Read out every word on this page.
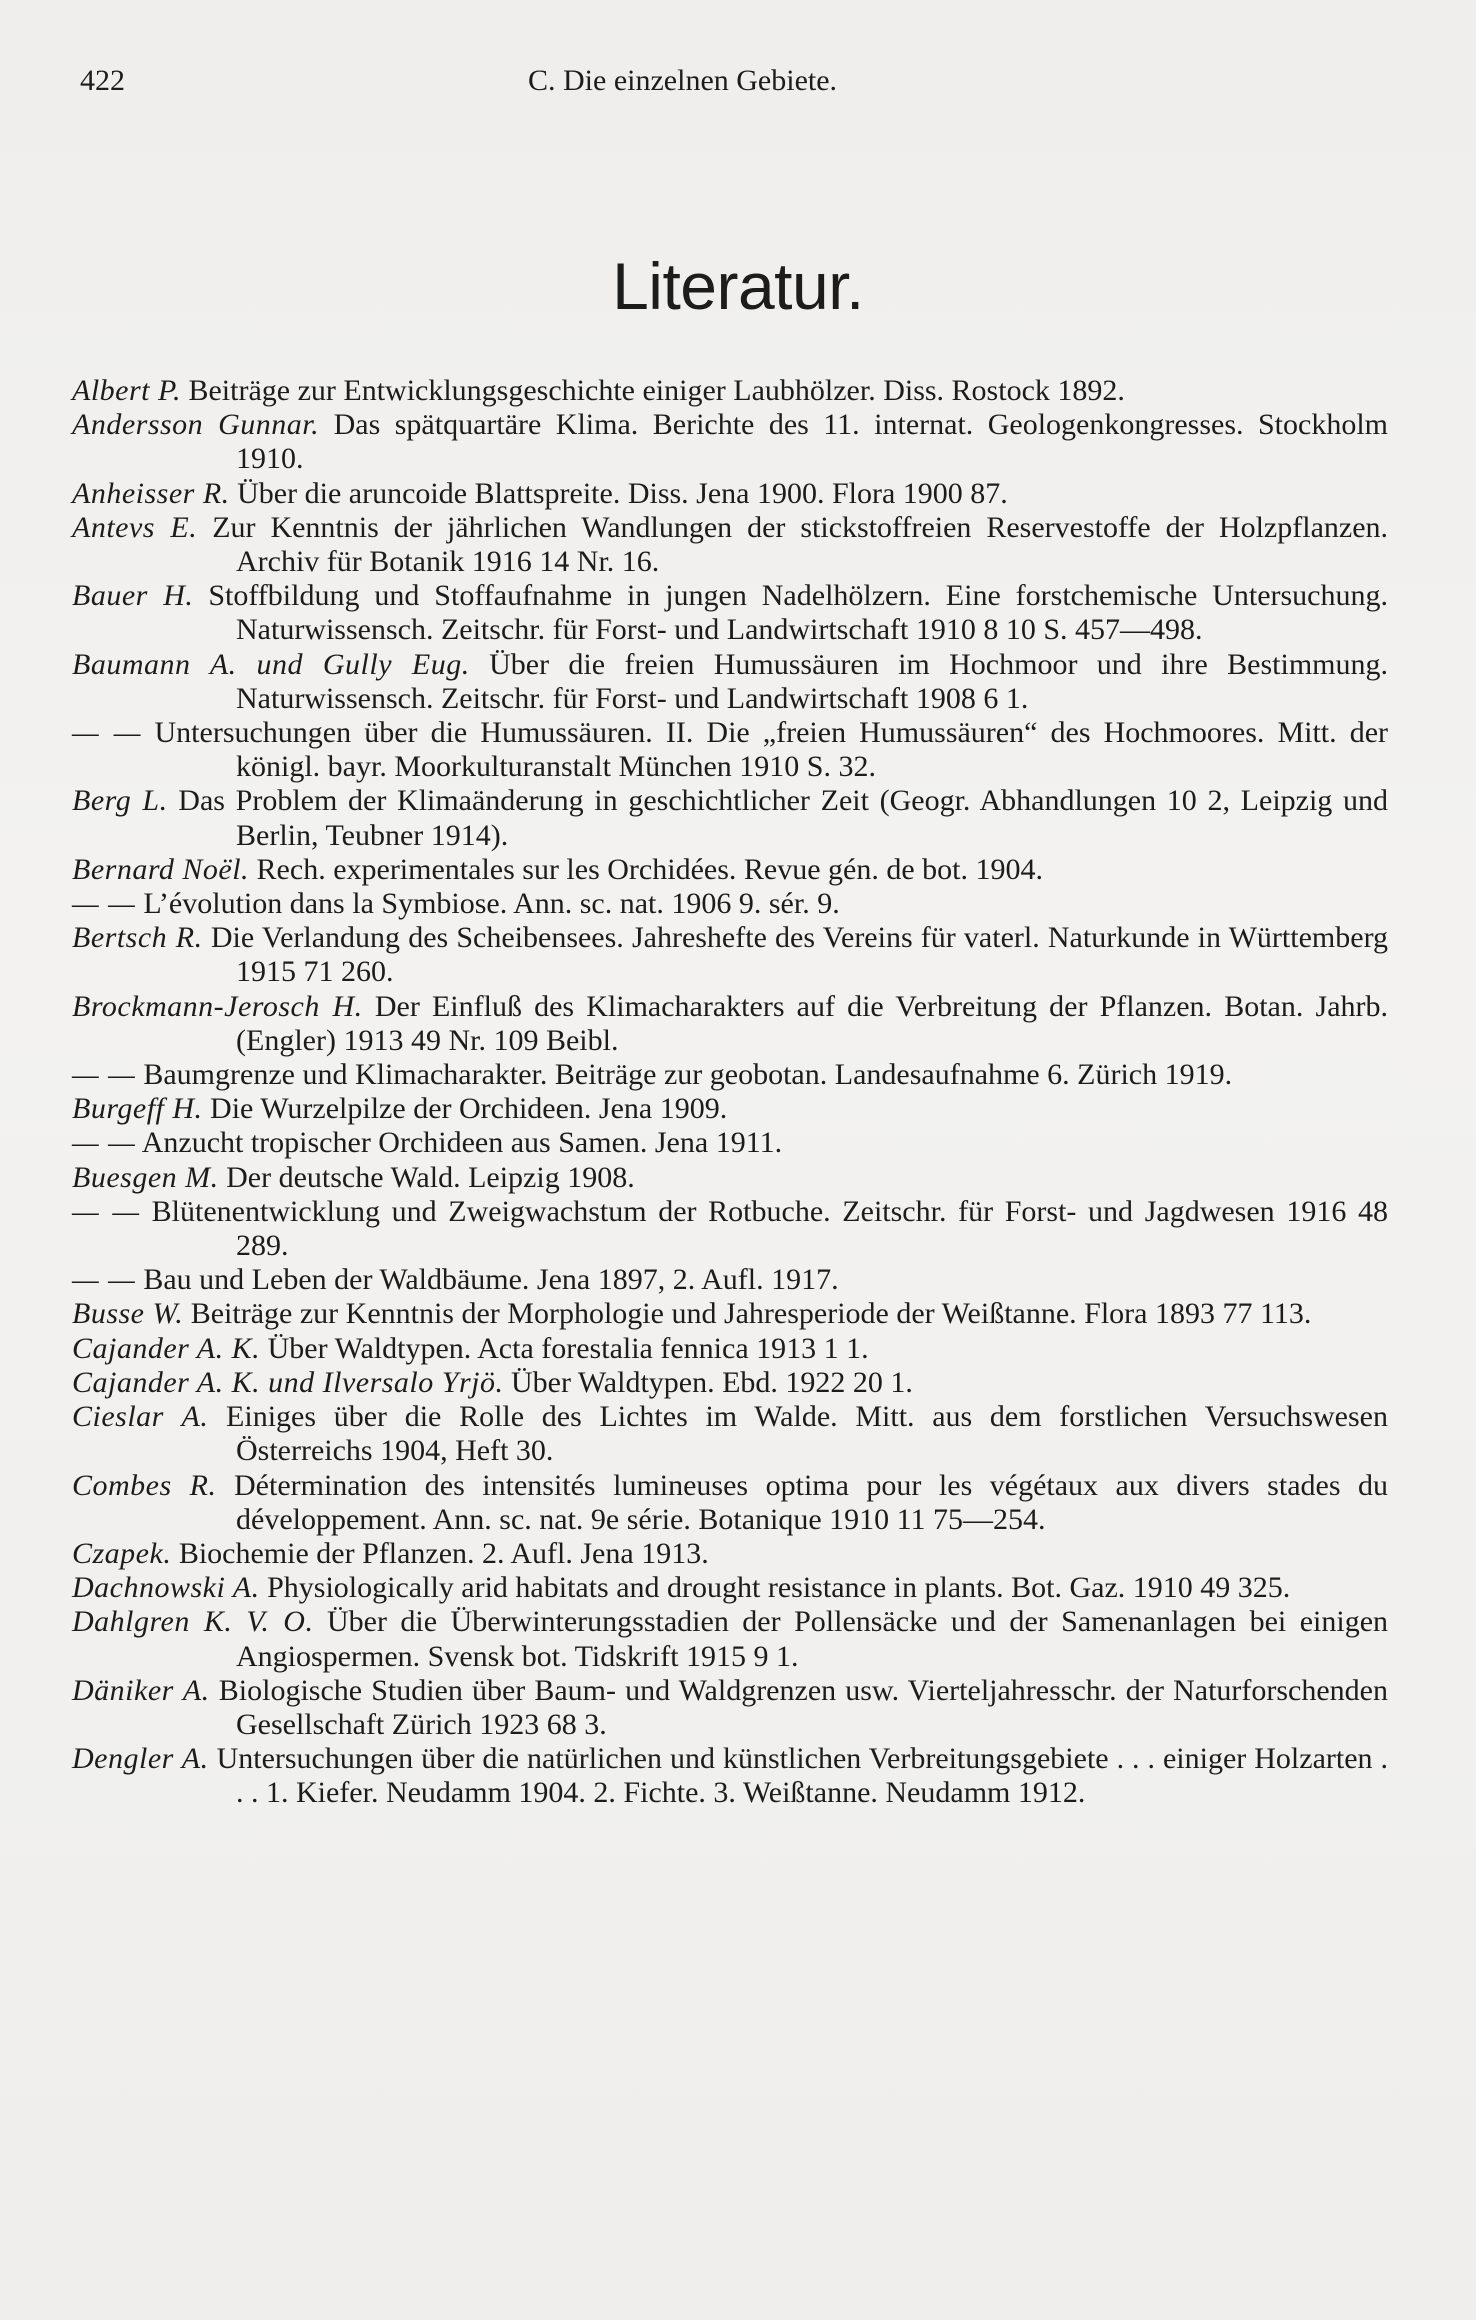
422	C. Die einzelnen Gebiete.
Literatur.

Albert P. Beiträge zur Entwicklungsgeschichte einiger Laubhölzer. Diss. Rostock 1892.

Andersson Gunnar. Das spätquartäre Klima. Berichte des 11. internat. Geologenkongresses. Stockholm 1910.

Anheisser R. Über die aruncoide Blattspreite. Diss. Jena 1900. Flora 1900 87.

Antevs E. Zur Kenntnis der jährlichen Wandlungen der stickstoffreien Reservestoffe der Holzpflanzen. Archiv für Botanik 1916 14 Nr. 16.

Bauer H. Stoffbildung und Stoffaufnahme in jungen Nadelhölzern. Eine forstchemische Untersuchung. Naturwissensch. Zeitschr. für Forst- und Landwirtschaft 1910 8 10 S. 457—498.

Baumann A. und Gully Eug. Über die freien Humussäuren im Hochmoor und ihre Bestimmung. Naturwissensch. Zeitschr. für Forst- und Landwirtschaft 1908 6 1.

— — Untersuchungen über die Humussäuren. II. Die „freien Humussäuren“ des Hochmoores. Mitt. der königl. bayr. Moorkulturanstalt München 1910 S. 32.

Berg L. Das Problem der Klimaänderung in geschichtlicher Zeit (Geogr. Abhandlungen 10 2, Leipzig und Berlin, Teubner 1914).

Bernard Noël. Rech. experimentales sur les Orchidées. Revue gén. de bot. 1904.

— — L’évolution dans la Symbiose. Ann. sc. nat. 1906 9. sér. 9.

Bertsch R. Die Verlandung des Scheibensees. Jahreshefte des Vereins für vaterl. Naturkunde in Württemberg 1915 71 260.

Brockmann-Jerosch H. Der Einfluß des Klimacharakters auf die Verbreitung der Pflanzen. Botan. Jahrb. (Engler) 1913 49 Nr. 109 Beibl.

— — Baumgrenze und Klimacharakter. Beiträge zur geobotan. Landesaufnahme 6. Zürich 1919.

Burgeff H. Die Wurzelpilze der Orchideen. Jena 1909.

— — Anzucht tropischer Orchideen aus Samen. Jena 1911.

Buesgen M. Der deutsche Wald. Leipzig 1908.

— — Blütenentwicklung und Zweigwachstum der Rotbuche. Zeitschr. für Forst- und Jagdwesen 1916 48 289.

— — Bau und Leben der Waldbäume. Jena 1897, 2. Aufl. 1917.

Busse W. Beiträge zur Kenntnis der Morphologie und Jahresperiode der Weißtanne. Flora 1893 77 113.

Cajander A. K. Über Waldtypen. Acta forestalia fennica 1913 1 1.

Cajander A. K. und Ilversalo Yrjö. Über Waldtypen. Ebd. 1922 20 1.

Cieslar A. Einiges über die Rolle des Lichtes im Walde. Mitt. aus dem forstlichen Versuchswesen Österreichs 1904, Heft 30.

Combes R. Détermination des intensités lumineuses optima pour les végétaux aux divers stades du développement. Ann. sc. nat. 9e série. Botanique 1910 11 75—254.

Czapek. Biochemie der Pflanzen. 2. Aufl. Jena 1913.

Dachnowski A. Physiologically arid habitats and drought resistance in plants. Bot. Gaz. 1910 49 325.

Dahlgren K. V. O. Über die Überwinterungsstadien der Pollensäcke und der Samenanlagen bei einigen Angiospermen. Svensk bot. Tidskrift 1915 9 1.

Däniker A. Biologische Studien über Baum- und Waldgrenzen usw. Vierteljahresschr. der Naturforschenden Gesellschaft Zürich 1923 68 3.

Dengler A. Untersuchungen über die natürlichen und künstlichen Verbreitungsgebiete . . . einiger Holzarten . . . 1. Kiefer. Neudamm 1904. 2. Fichte. 3. Weißtanne. Neudamm 1912.
